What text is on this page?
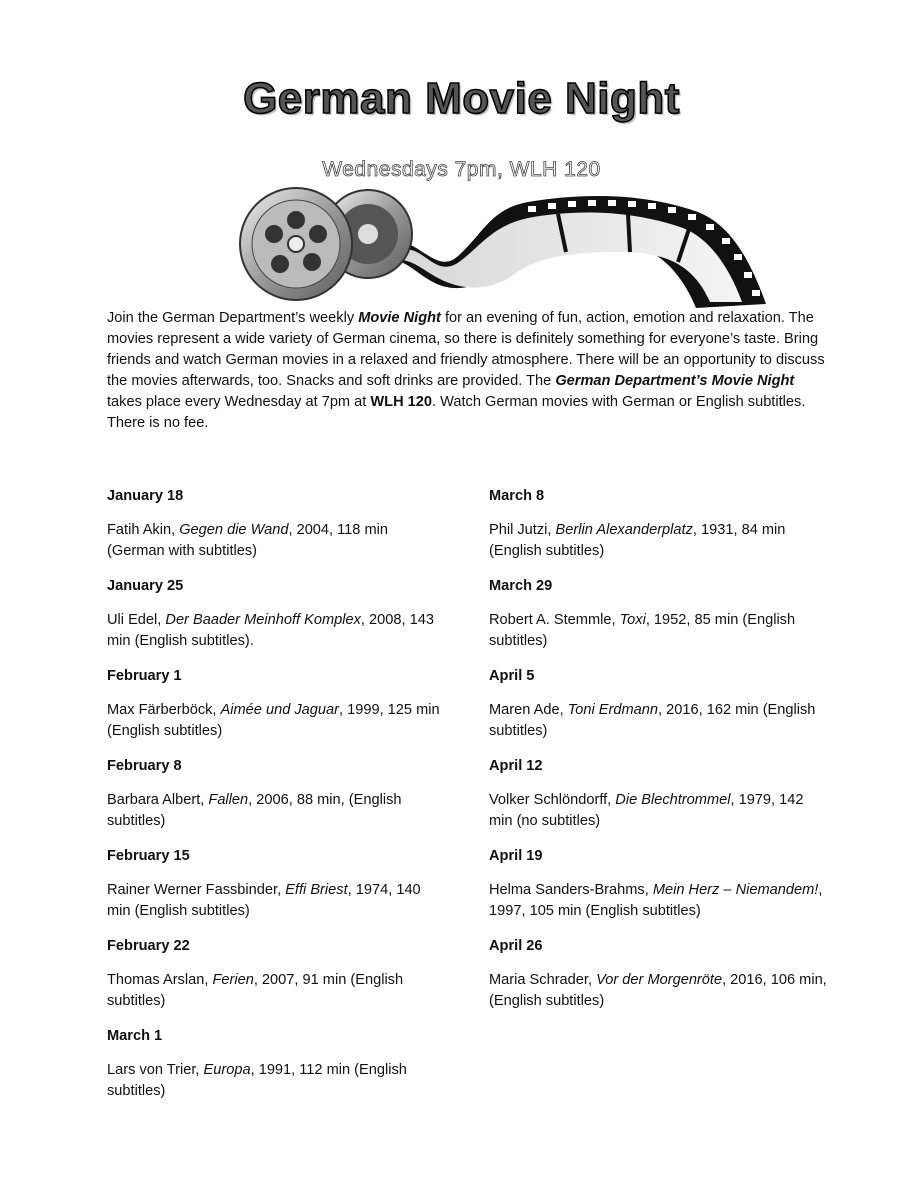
German Movie Night
Wednesdays 7pm, WLH 120
Join the German Department’s weekly Movie Night for an evening of fun, action, emotion and relaxation. The movies represent a wide variety of German cinema, so there is definitely something for everyone’s taste. Bring friends and watch German movies in a relaxed and friendly atmosphere. There will be an opportunity to discuss the movies afterwards, too. Snacks and soft drinks are provided. The German Department’s Movie Night takes place every Wednesday at 7pm at WLH 120. Watch German movies with German or English subtitles. There is no fee.
January 18
Fatih Akin, Gegen die Wand, 2004, 118 min (German with subtitles)
January 25
Uli Edel, Der Baader Meinhoff Komplex, 2008, 143 min (English subtitles).
February 1
Max Färberböck, Aimée und Jaguar, 1999, 125 min (English subtitles)
February 8
Barbara Albert, Fallen, 2006, 88 min, (English subtitles)
February 15
Rainer Werner Fassbinder, Effi Briest, 1974, 140 min (English subtitles)
February 22
Thomas Arslan, Ferien, 2007, 91 min (English subtitles)
March 1
Lars von Trier, Europa, 1991, 112 min (English subtitles)
March 8
Phil Jutzi, Berlin Alexanderplatz, 1931, 84 min (English subtitles)
March 29
Robert A. Stemmle, Toxi, 1952, 85 min (English subtitles)
April 5
Maren Ade, Toni Erdmann, 2016, 162 min (English subtitles)
April 12
Volker Schlöndorff, Die Blechtrommel, 1979, 142 min (no subtitles)
April 19
Helma Sanders-Brahms, Mein Herz – Niemandem!, 1997, 105 min (English subtitles)
April 26
Maria Schrader, Vor der Morgenröte, 2016, 106 min, (English subtitles)
